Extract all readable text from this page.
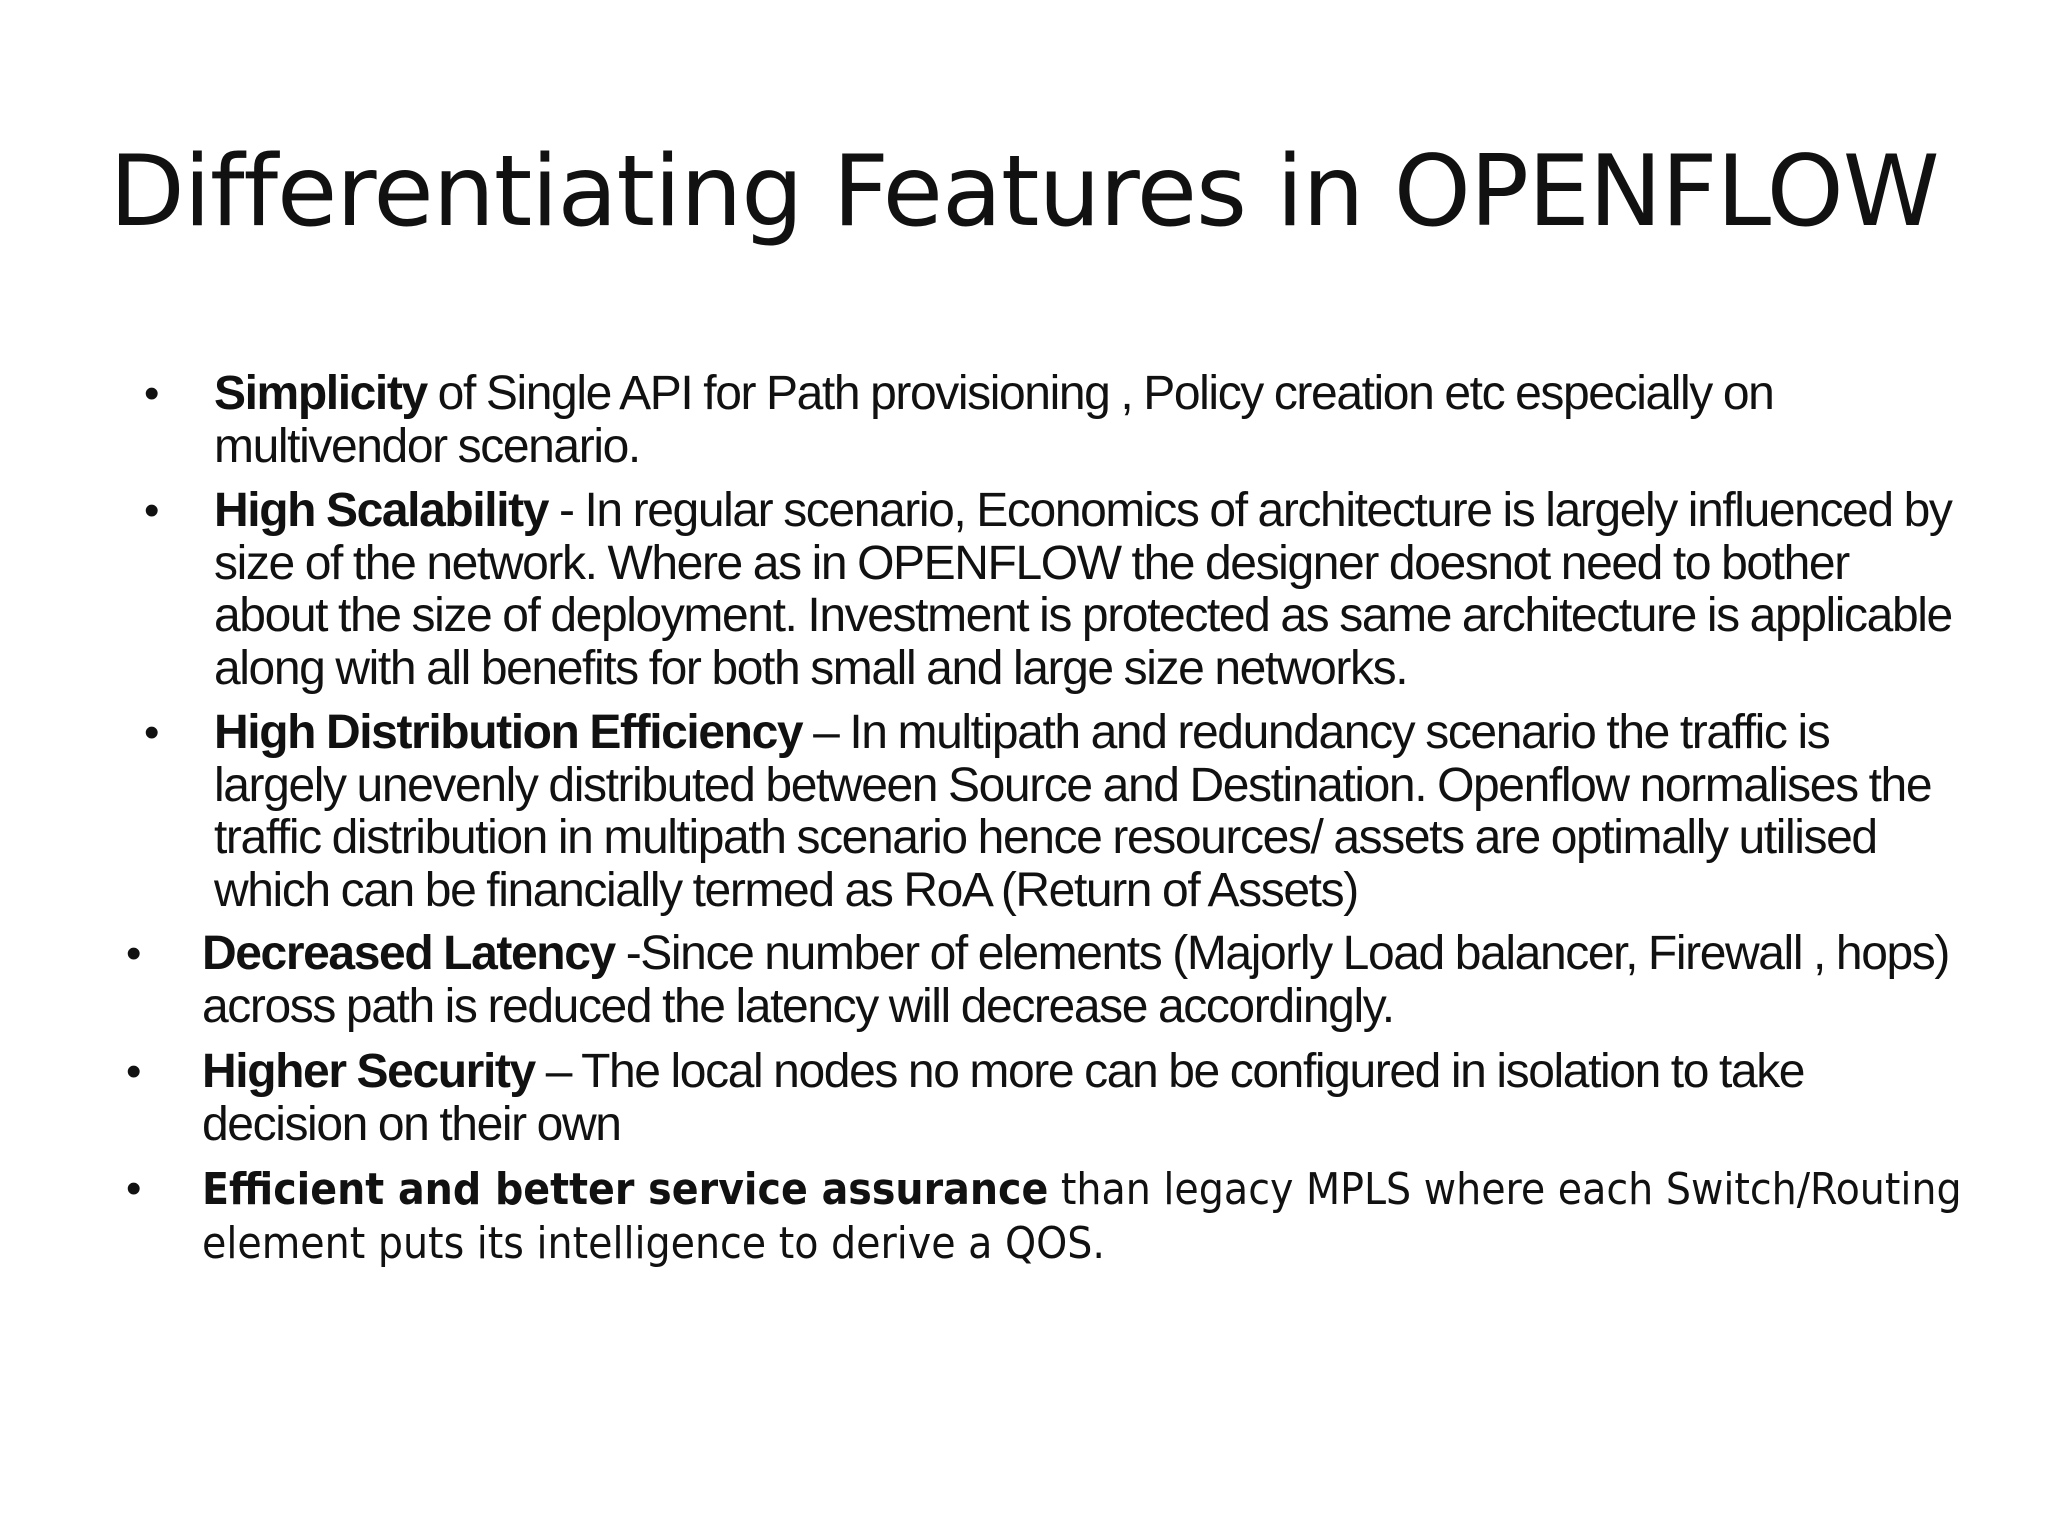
Differentiating Features in OPENFLOW
• Simplicity of Single API for Path provisioning , Policy creation etc especially on multivendor scenario.
• High Scalability - In regular scenario, Economics of architecture is largely influenced by size of the network. Where as in OPENFLOW the designer doesnot need to bother about the size of deployment. Investment is protected as same architecture is applicable along with all benefits for both small and large size networks.
• High Distribution Efficiency – In multipath and redundancy scenario the traffic is largely unevenly distributed between Source and Destination. Openflow normalises the traffic distribution in multipath scenario hence resources/ assets are optimally utilised which can be financially termed as RoA (Return of Assets)
• Decreased Latency -Since number of elements (Majorly Load balancer, Firewall , hops) across path is reduced the latency will decrease accordingly.
• Higher Security – The local nodes no more can be configured in isolation to take decision on their own
• Efficient and better service assurance than legacy MPLS where each Switch/Routing element puts its intelligence to derive a QOS.
